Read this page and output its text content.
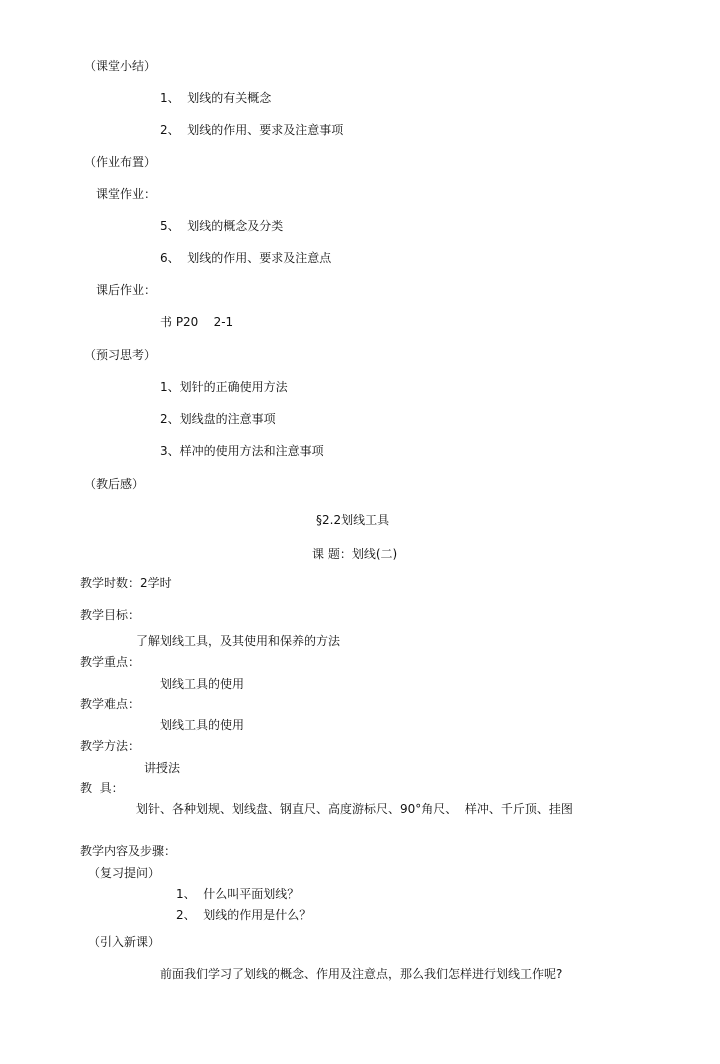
（课堂小结）
1、  划线的有关概念
2、  划线的作用、要求及注意事项
（作业布置）
课堂作业：
5、  划线的概念及分类
6、  划线的作用、要求及注意点
课后作业：
书 P20    2-1
（预习思考）
1、划针的正确使用方法
2、划线盘的注意事项
3、样冲的使用方法和注意事项
（教后感）
§2.2划线工具
课 题：划线(二)
教学时数：2学时
教学目标：
了解划线工具，及其使用和保养的方法
教学重点：
划线工具的使用
教学难点：
划线工具的使用
教学方法：
讲授法
教  具：
划针、各种划规、划线盘、钢直尺、高度游标尺、90°角尺、  样冲、千斤顶、挂图
教学内容及步骤：
（复习提问）
1、  什么叫平面划线？
2、  划线的作用是什么？
（引入新课）
前面我们学习了划线的概念、作用及注意点，那么我们怎样进行划线工作呢?
